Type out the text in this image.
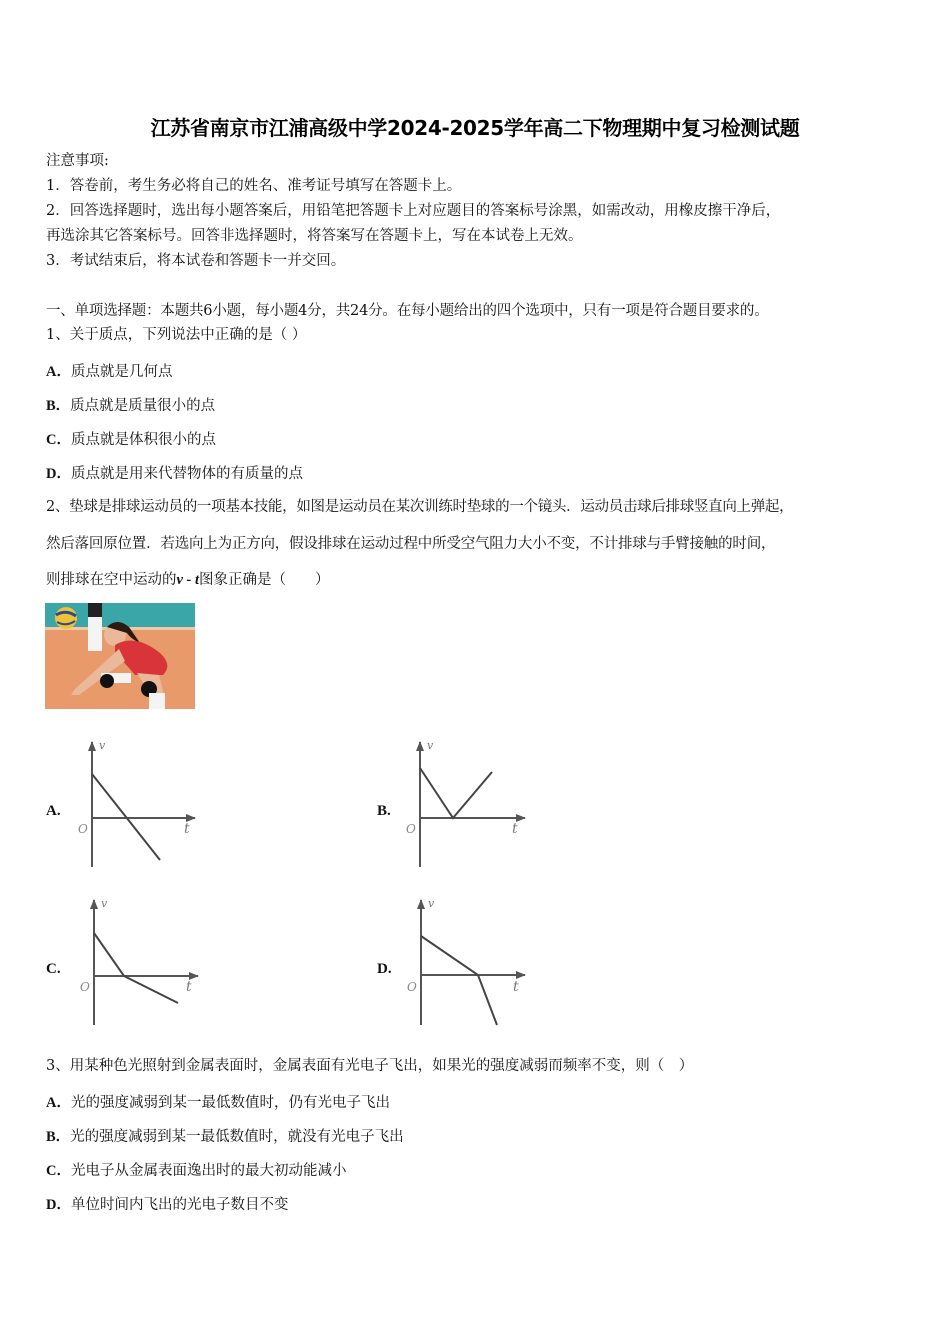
江苏省南京市江浦高级中学2024-2025学年高二下物理期中复习检测试题
注意事项:
1．答卷前，考生务必将自己的姓名、准考证号填写在答题卡上。
2．回答选择题时，选出每小题答案后，用铅笔把答题卡上对应题目的答案标号涂黑，如需改动，用橡皮擦干净后，
再选涂其它答案标号。回答非选择题时，将答案写在答题卡上，写在本试卷上无效。
3．考试结束后，将本试卷和答题卡一并交回。
一、单项选择题：本题共6小题，每小题4分，共24分。在每小题给出的四个选项中，只有一项是符合题目要求的。
1、关于质点，下列说法中正确的是（ ）
A．质点就是几何点
B．质点就是质量很小的点
C．质点就是体积很小的点
D．质点就是用来代替物体的有质量的点
2、垫球是排球运动员的一项基本技能，如图是运动员在某次训练时垫球的一个镜头．运动员击球后排球竖直向上弹起，
然后落回原位置．若选向上为正方向，假设排球在运动过程中所受空气阻力大小不变，不计排球与手臂接触的时间，
则排球在空中运动的v - t图象正确是（　　）
A.	B.
C.	D.
v
t
O
v
t
O
v
t
O
v
t
O
3、用某种色光照射到金属表面时，金属表面有光电子飞出，如果光的强度减弱而频率不变，则（　）
A．光的强度减弱到某一最低数值时，仍有光电子飞出
B．光的强度减弱到某一最低数值时，就没有光电子飞出
C．光电子从金属表面逸出时的最大初动能减小
D．单位时间内飞出的光电子数目不变
